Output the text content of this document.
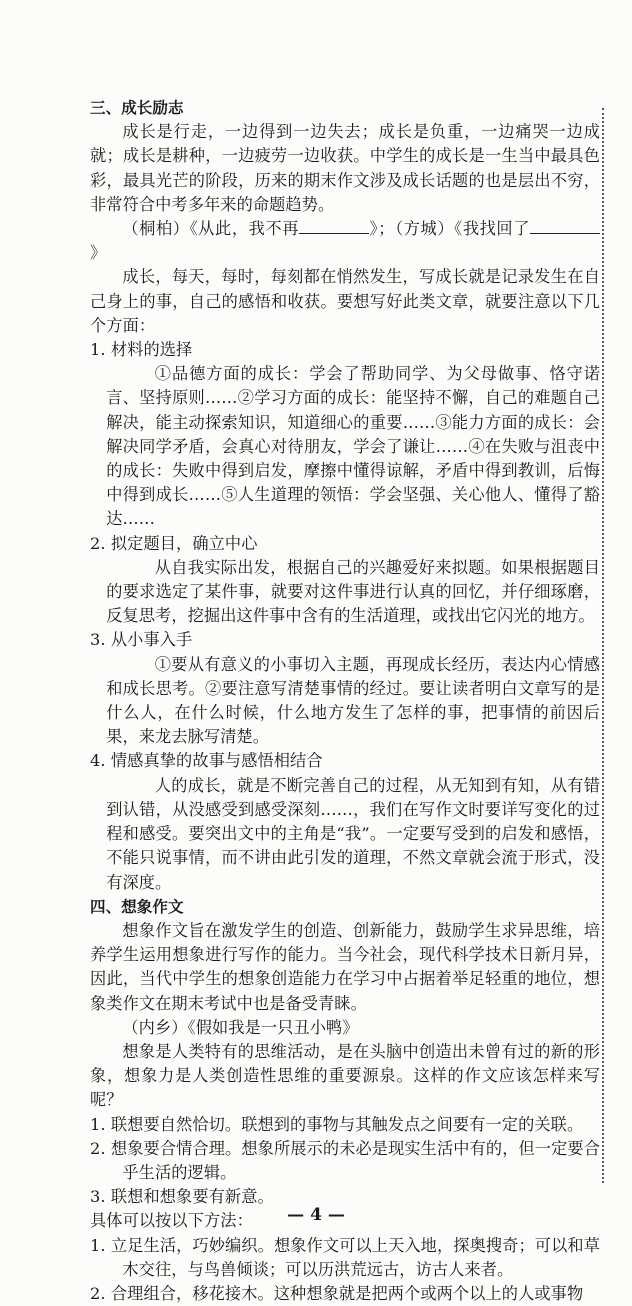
三、成长励志

成长是行走，一边得到一边失去；成长是负重，一边痛哭一边成就；成长是耕种，一边疲劳一边收获。中学生的成长是一生当中最具色彩，最具光芒的阶段，历来的期末作文涉及成长话题的也是层出不穷，非常符合中考多年来的命题趋势。

（桐柏）《从此，我不再	》；（方城）《我找回了》

成长，每天，每时，每刻都在悄然发生，写成长就是记录发生在自己身上的事，自己的感悟和收获。要想写好此类文章，就要注意以下几个方面：

1. 材料的选择

①品德方面的成长：学会了帮助同学、为父母做事、恪守诺言、坚持原则……②学习方面的成长：能坚持不懈，自己的难题自己解决，能主动探索知识，知道细心的重要……③能力方面的成长：会解决同学矛盾，会真心对待朋友，学会了谦让……④在失败与沮丧中的成长：失败中得到启发，摩擦中懂得谅解，矛盾中得到教训，后悔中得到成长……⑤人生道理的领悟：学会坚强、关心他人、懂得了豁达……

2. 拟定题目，确立中心

从自我实际出发，根据自己的兴趣爱好来拟题。如果根据题目的要求选定了某件事，就要对这件事进行认真的回忆，并仔细琢磨，反复思考，挖掘出这件事中含有的生活道理，或找出它闪光的地方。

3. 从小事入手

①要从有意义的小事切入主题，再现成长经历，表达内心情感和成长思考。②要注意写清楚事情的经过。要让读者明白文章写的是什么人，在什么时候，什么地方发生了怎样的事，把事情的前因后果，来龙去脉写清楚。

4. 情感真挚的故事与感悟相结合

人的成长，就是不断完善自己的过程，从无知到有知，从有错到认错，从没感受到感受深刻……，我们在写作文时要详写变化的过程和感受。要突出文中的主角是“我”。一定要写受到的启发和感悟，不能只说事情，而不讲由此引发的道理，不然文章就会流于形式，没有深度。

四、想象作文

想象作文旨在激发学生的创造、创新能力，鼓励学生求异思维，培养学生运用想象进行写作的能力。当今社会，现代科学技术日新月异，因此，当代中学生的想象创造能力在学习中占据着举足轻重的地位，想象类作文在期末考试中也是备受青睐。

（内乡）《假如我是一只丑小鸭》

想象是人类特有的思维活动，是在头脑中创造出未曾有过的新的形象，想象力是人类创造性思维的重要源泉。这样的作文应该怎样来写呢？

1. 联想要自然恰切。联想到的事物与其触发点之间要有一定的关联。

2. 想象要合情合理。想象所展示的未必是现实生活中有的，但一定要合乎生活的逻辑。

3. 联想和想象要有新意。

具体可以按以下方法：

1. 立足生活，巧妙编织。想象作文可以上天入地，探奥搜奇；可以和草木交往，与鸟兽倾谈；可以历洪荒远古，访古人来者。

2. 合理组合，移花接木。这种想象就是把两个或两个以上的人或事物

— 4 —
